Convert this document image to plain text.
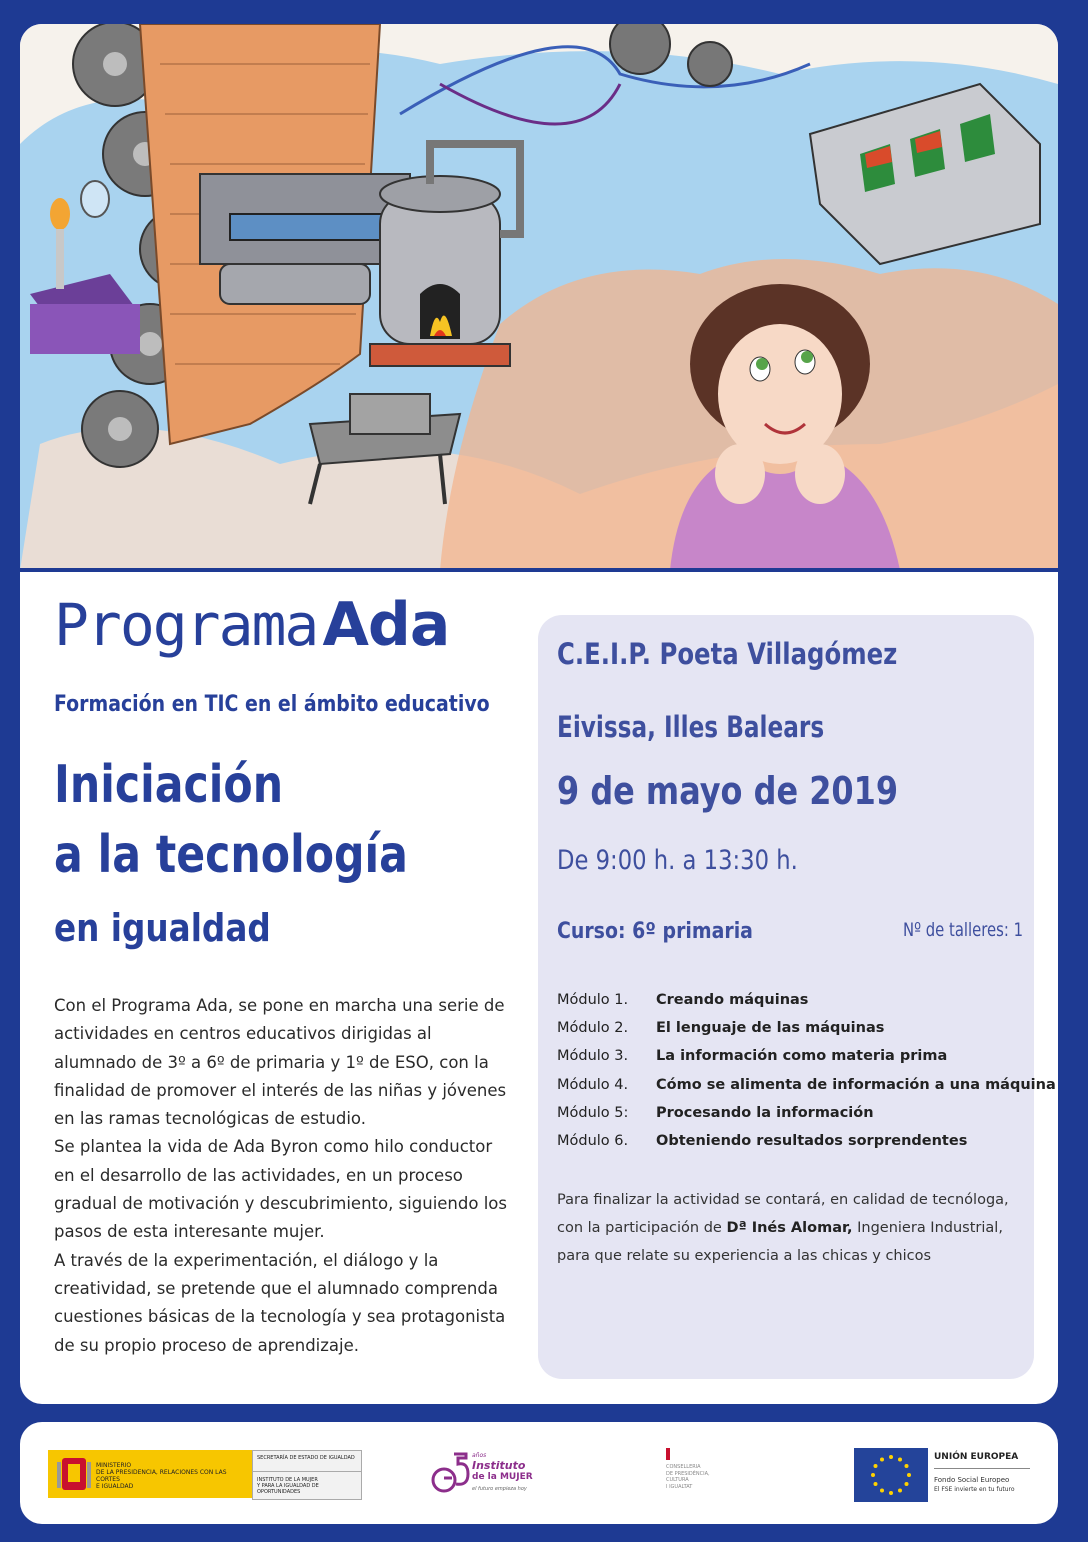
Programa Ada
Formación en TIC en el ámbito educativo
Iniciación
a la tecnología
en igualdad

Con el Programa Ada, se pone en marcha una serie de actividades en centros educativos dirigidas al alumnado de 3º a 6º de primaria y 1º de ESO, con la finalidad de promover el interés de las niñas y jóvenes en las ramas tecnológicas de estudio.

Se plantea la vida de Ada Byron como hilo conductor en el desarrollo de las actividades, en un proceso gradual de motivación y descubrimiento, siguiendo los pasos de esta interesante mujer.

A través de la experimentación, el diálogo y la creatividad, se pretende que el alumnado comprenda cuestiones básicas de la tecnología y sea protagonista de su propio proceso de aprendizaje.

C.E.I.P. Poeta Villagómez
Eivissa, Illes Balears
9 de mayo de 2019
De 9:00 h. a 13:30 h.
Curso: 6º primaria	Nº de talleres: 1
Módulo 1. Creando máquinas
Módulo 2. El lenguaje de las máquinas
Módulo 3. La información como materia prima
Módulo 4. Cómo se alimenta de información a una máquina
Módulo 5: Procesando la información
Módulo 6. Obteniendo resultados sorprendentes
Para finalizar la actividad se contará, en calidad de tecnóloga, con la participación de Dª Inés Alomar, Ingeniera Industrial, para que relate su experiencia a las chicas y chicos
MINISTERIO
DE LA PRESIDENCIA, RELACIONES CON LAS CORTES
E IGUALDAD
SECRETARÍA DE ESTADO DE IGUALDAD
INSTITUTO DE LA MUJER
Y PARA LA IGUALDAD DE OPORTUNIDADES
años
Instituto
de la MUJER
el futuro empieza hoy
CONSELLERIA
DE PRESIDÈNCIA,
CULTURA
I IGUALTAT
UNIÓN EUROPEA
Fondo Social Europeo
El FSE invierte en tu futuro
